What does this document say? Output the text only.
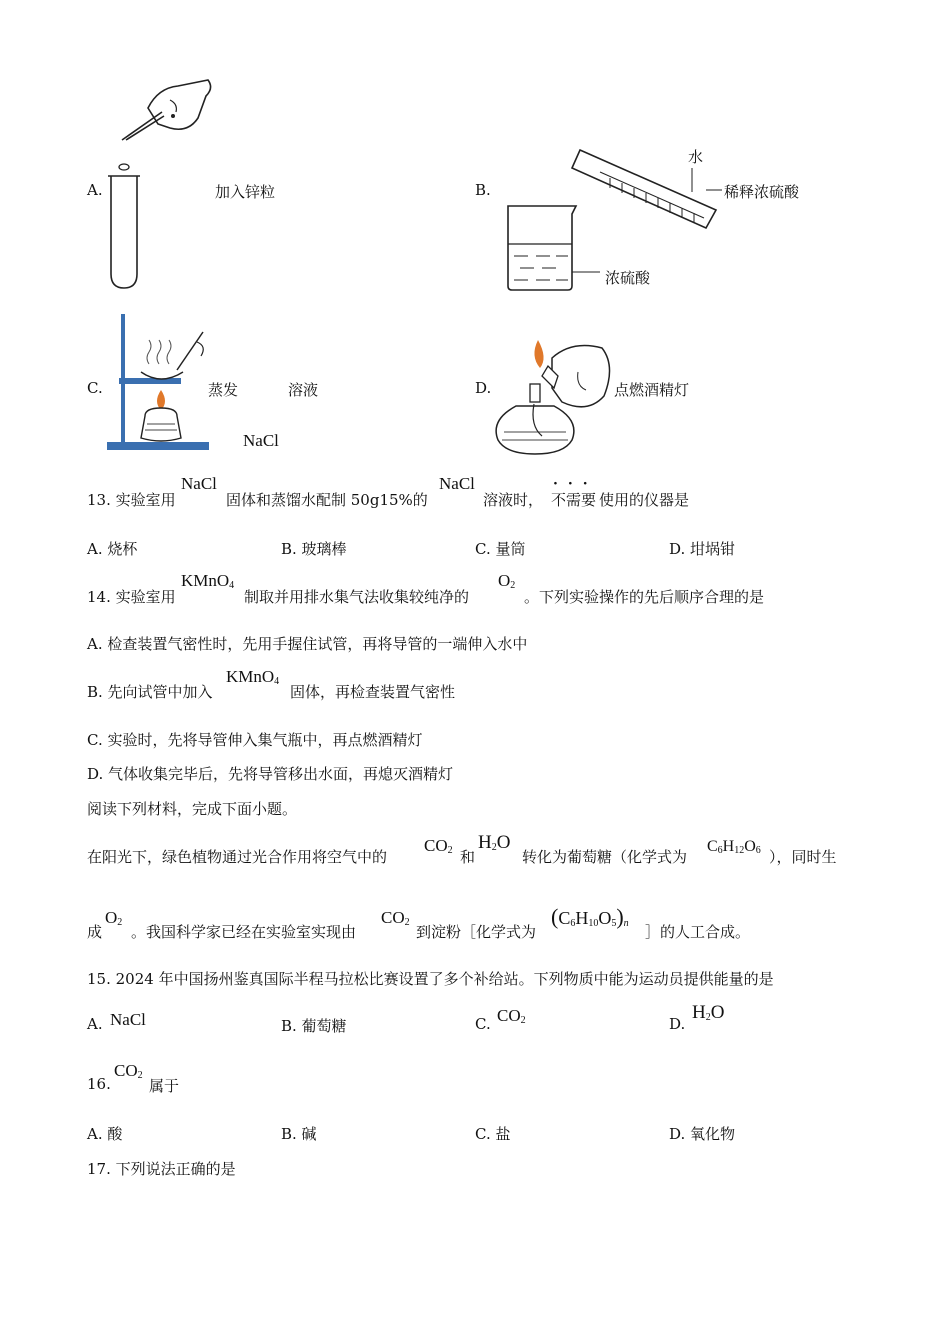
A.	加入锌粒	B.
水
稀释浓硫酸
浓硫酸
C.	蒸发	溶液
NaCl
D.	点燃酒精灯
13. 实验室用
NaCl
固体和蒸馏水配制 50g15%的
NaCl
溶液时， 不需要
···
使用的仪器是
A. 烧杯	B. 玻璃棒	C. 量筒	D. 坩埚钳
14. 实验室用
KMnO$_4$
制取并用排水集气法收集较纯净的
$O_2$
。下列实验操作的先后顺序合理的是
A. 检查装置气密性时，先用手握住试管，再将导管的一端伸入水中
B. 先向试管中加入
KMnO$_4$
固体，再检查装置气密性
C. 实验时，先将导管伸入集气瓶中，再点燃酒精灯
D. 气体收集完毕后，先将导管移出水面，再熄灭酒精灯
阅读下列材料，完成下面小题。
在阳光下，绿色植物通过光合作用将空气中的
$CO_2$ 和
$H_2O$
转化为葡萄糖（化学式为
$C_6H_{12}O_6$ ），同时生
成
$O_2$
。我国科学家已经在实验室实现由
$CO_2$
到淀粉［化学式为
$(C_6H_{10}O_5)_n$ ］的人工合成。
15. 2024 年中国扬州鉴真国际半程马拉松比赛设置了多个补给站。下列物质中能为运动员提供能量的是
A. NaCl	B. 葡萄糖	C. $CO_2$	D.
$H_2O$
16.
$CO_2$
属于
A. 酸	B. 碱	C. 盐	D. 氧化物
17. 下列说法正确的是
